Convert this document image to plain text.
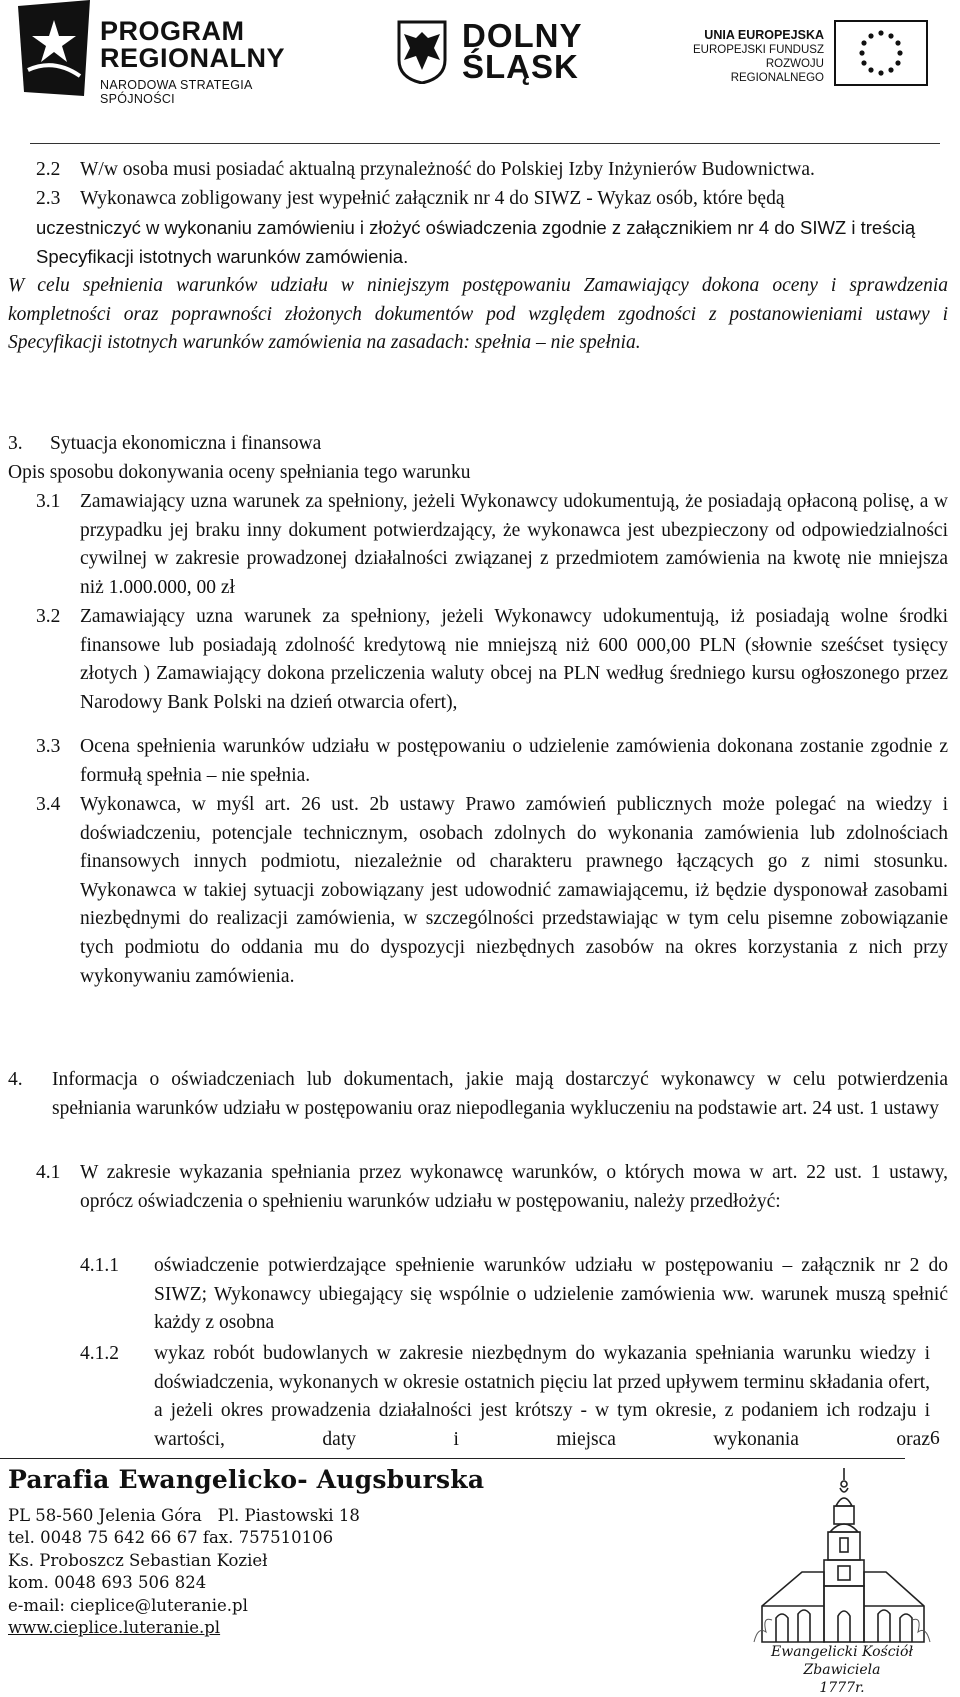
PROGRAM
REGIONALNY
NARODOWA STRATEGIA SPÓJNOŚCI
DOLNY
ŚLĄSK
UNIA EUROPEJSKA
EUROPEJSKI FUNDUSZ
ROZWOJU REGIONALNEGO
2.2 W/w osoba musi posiadać aktualną przynależność do Polskiej Izby Inżynierów Budownictwa.
2.3 Wykonawca zobligowany jest wypełnić załącznik nr 4 do SIWZ - Wykaz osób, które będą
uczestniczyć w wykonaniu zamówieniu i złożyć oświadczenia zgodnie z załącznikiem nr 4 do SIWZ i treścią Specyfikacji istotnych warunków zamówienia.
W celu spełnienia warunków udziału w niniejszym postępowaniu Zamawiający dokona oceny i sprawdzenia kompletności oraz poprawności złożonych dokumentów pod względem zgodności z postanowieniami ustawy i Specyfikacji istotnych warunków zamówienia na zasadach: spełnia – nie spełnia.
3. Sytuacja ekonomiczna i finansowa
Opis sposobu dokonywania oceny spełniania tego warunku
3.1 Zamawiający uzna warunek za spełniony, jeżeli Wykonawcy udokumentują, że posiadają opłaconą polisę, a w przypadku jej braku inny dokument potwierdzający, że wykonawca jest ubezpieczony od odpowiedzialności cywilnej w zakresie prowadzonej działalności związanej z przedmiotem zamówienia na kwotę nie mniejsza niż 1.000.000, 00 zł
3.2 Zamawiający uzna warunek za spełniony, jeżeli Wykonawcy udokumentują, iż posiadają wolne środki finansowe lub posiadają zdolność kredytową nie mniejszą niż 600 000,00 PLN (słownie sześćset tysięcy złotych ) Zamawiający dokona przeliczenia waluty obcej na PLN według średniego kursu ogłoszonego przez Narodowy Bank Polski na dzień otwarcia ofert),
3.3 Ocena spełnienia warunków udziału w postępowaniu o udzielenie zamówienia dokonana zostanie zgodnie z formułą spełnia – nie spełnia.
3.4 Wykonawca, w myśl art. 26 ust. 2b ustawy Prawo zamówień publicznych może polegać na wiedzy i doświadczeniu, potencjale technicznym, osobach zdolnych do wykonania zamówienia lub zdolnościach finansowych innych podmiotu, niezależnie od charakteru prawnego łączących go z nimi stosunku. Wykonawca w takiej sytuacji zobowiązany jest udowodnić zamawiającemu, iż będzie dysponował zasobami niezbędnymi do realizacji zamówienia, w szczególności przedstawiając w tym celu pisemne zobowiązanie tych podmiotu do oddania mu do dyspozycji niezbędnych zasobów na okres korzystania z nich przy wykonywaniu zamówienia.
4. Informacja o oświadczeniach lub dokumentach, jakie mają dostarczyć wykonawcy w celu potwierdzenia spełniania warunków udziału w postępowaniu oraz niepodlegania wykluczeniu na podstawie art. 24 ust. 1 ustawy
4.1 W zakresie wykazania spełniania przez wykonawcę warunków, o których mowa w art. 22 ust. 1 ustawy, oprócz oświadczenia o spełnieniu warunków udziału w postępowaniu, należy przedłożyć:
4.1.1 oświadczenie potwierdzające spełnienie warunków udziału w postępowaniu – załącznik nr 2 do SIWZ; Wykonawcy ubiegający się wspólnie o udzielenie zamówienia ww. warunek muszą spełnić każdy z osobna
4.1.2 wykaz robót budowlanych w zakresie niezbędnym do wykazania spełniania warunku wiedzy i doświadczenia, wykonanych w okresie ostatnich pięciu lat przed upływem terminu składania ofert, a jeżeli okres prowadzenia działalności jest krótszy - w tym okresie, z podaniem ich rodzaju i wartości, daty i miejsca wykonania oraz 6
Parafia Ewangelicko- Augsburska
PL 58-560 Jelenia Góra   Pl. Piastowski 18
tel. 0048 75 642 66 67 fax. 757510106
Ks. Proboszcz Sebastian Kozieł
kom. 0048 693 506 824
e-mail: cieplice@luteranie.pl
www.cieplice.luteranie.pl
Ewangelicki Kościół Zbawiciela
1777r.
